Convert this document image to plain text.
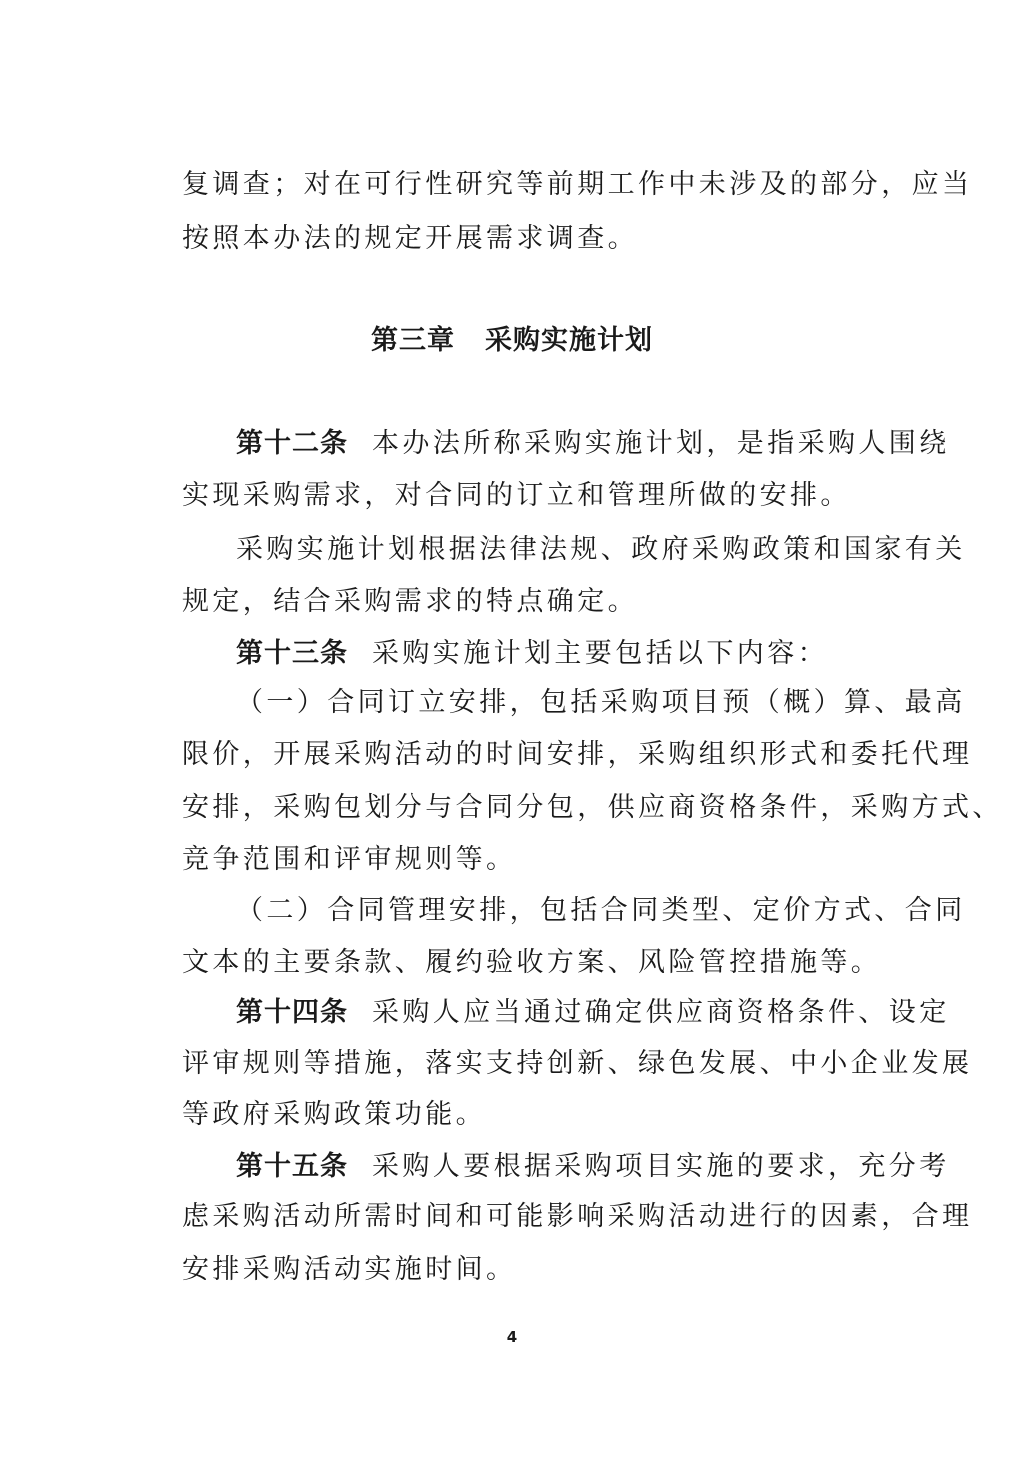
复调查；对在可行性研究等前期工作中未涉及的部分，应当
按照本办法的规定开展需求调查。
第三章 采购实施计划
第十二条 本办法所称采购实施计划，是指采购人围绕
实现采购需求，对合同的订立和管理所做的安排。
采购实施计划根据法律法规、政府采购政策和国家有关
规定，结合采购需求的特点确定。
第十三条 采购实施计划主要包括以下内容：
（一）合同订立安排，包括采购项目预（概）算、最高
限价，开展采购活动的时间安排，采购组织形式和委托代理
安排，采购包划分与合同分包，供应商资格条件，采购方式、
竞争范围和评审规则等。
（二）合同管理安排，包括合同类型、定价方式、合同
文本的主要条款、履约验收方案、风险管控措施等。
第十四条 采购人应当通过确定供应商资格条件、设定
评审规则等措施，落实支持创新、绿色发展、中小企业发展
等政府采购政策功能。
第十五条 采购人要根据采购项目实施的要求，充分考
虑采购活动所需时间和可能影响采购活动进行的因素，合理
安排采购活动实施时间。
4
